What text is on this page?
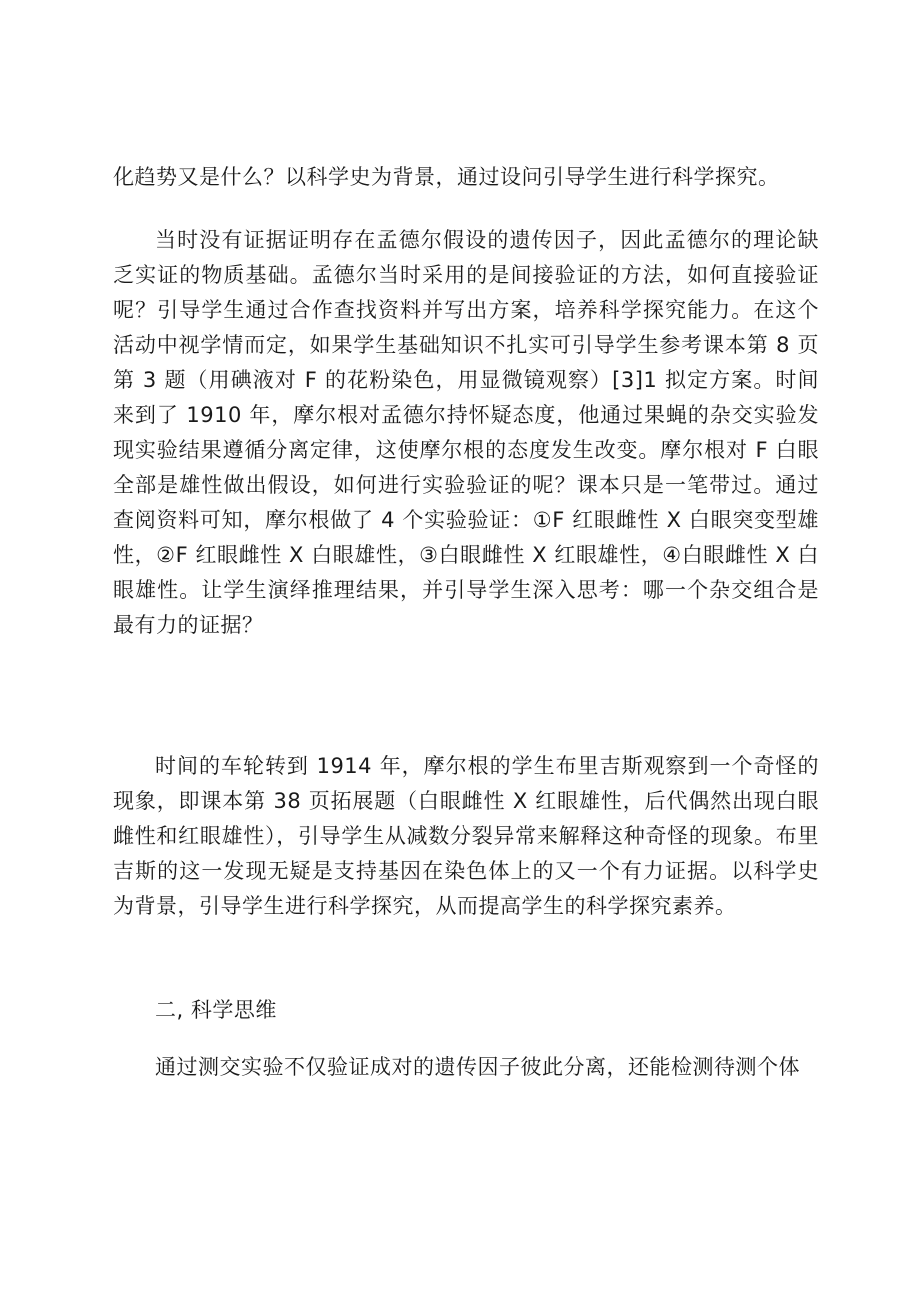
化趋势又是什么？以科学史为背景，通过设问引导学生进行科学探究。

当时没有证据证明存在孟德尔假设的遗传因子，因此孟德尔的理论缺乏实证的物质基础。孟德尔当时采用的是间接验证的方法，如何直接验证呢？引导学生通过合作查找资料并写出方案，培养科学探究能力。在这个活动中视学情而定，如果学生基础知识不扎实可引导学生参考课本第 8 页第 3 题（用碘液对 F 的花粉染色，用显微镜观察）[3]1 拟定方案。时间来到了 1910 年，摩尔根对孟德尔持怀疑态度，他通过果蝇的杂交实验发现实验结果遵循分离定律，这使摩尔根的态度发生改变。摩尔根对 F 白眼全部是雄性做出假设，如何进行实验验证的呢？课本只是一笔带过。通过查阅资料可知，摩尔根做了 4 个实验验证：①F 红眼雌性 X 白眼突变型雄性，②F 红眼雌性 X 白眼雄性，③白眼雌性 X 红眼雄性，④白眼雌性 X 白眼雄性。让学生演绎推理结果，并引导学生深入思考：哪一个杂交组合是最有力的证据？

时间的车轮转到 1914 年，摩尔根的学生布里吉斯观察到一个奇怪的现象，即课本第 38 页拓展题（白眼雌性 X 红眼雄性，后代偶然出现白眼雌性和红眼雄性），引导学生从减数分裂异常来解释这种奇怪的现象。布里吉斯的这一发现无疑是支持基因在染色体上的又一个有力证据。以科学史为背景，引导学生进行科学探究，从而提高学生的科学探究素养。

二, 科学思维

通过测交实验不仅验证成对的遗传因子彼此分离，还能检测待测个体
